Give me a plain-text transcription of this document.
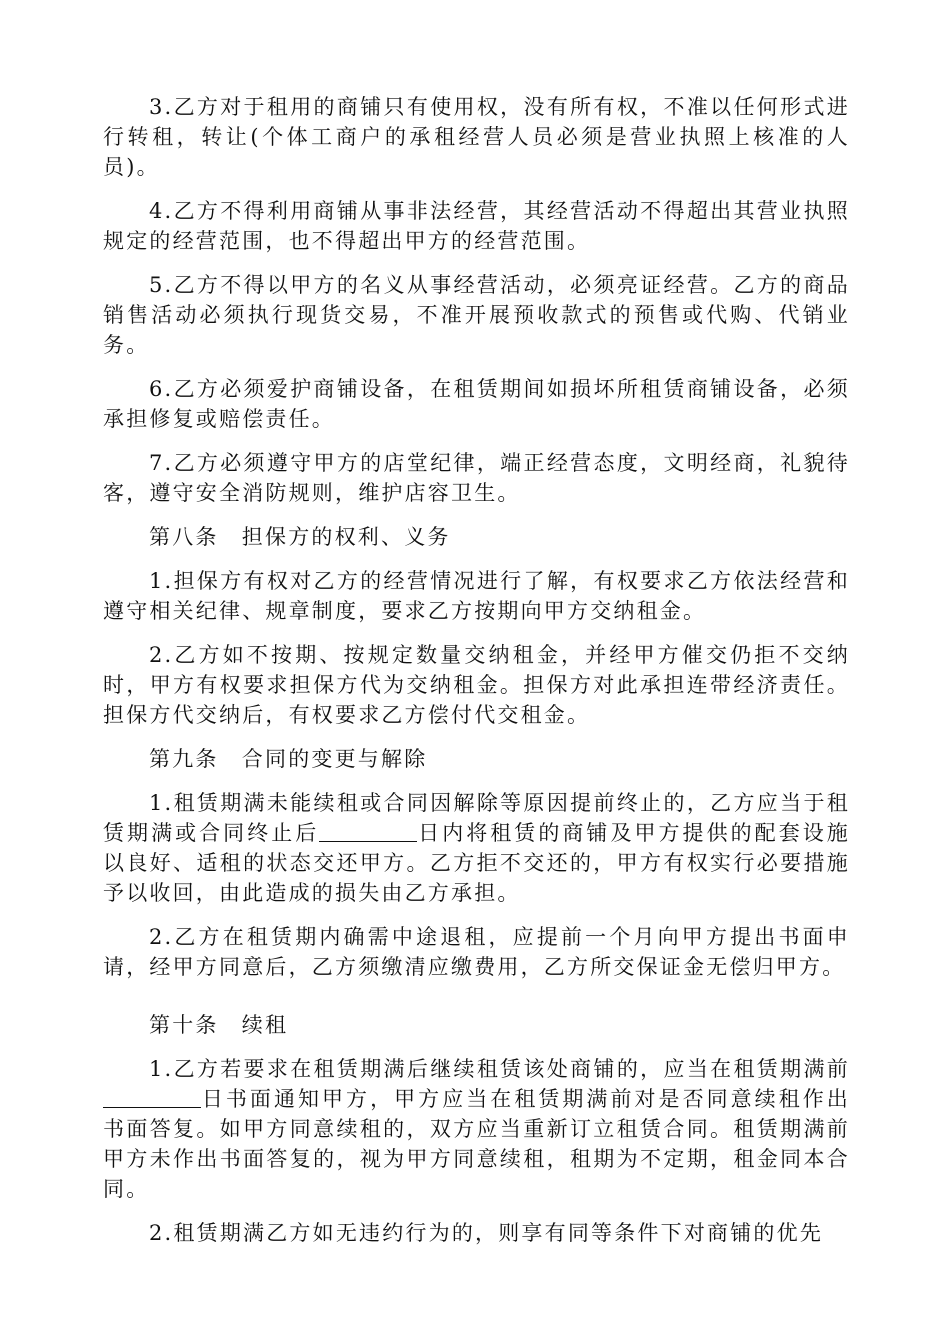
3.乙方对于租用的商铺只有使用权，没有所有权，不准以任何形式进行转租，转让(个体工商户的承租经营人员必须是营业执照上核准的人员)。

4.乙方不得利用商铺从事非法经营，其经营活动不得超出其营业执照规定的经营范围，也不得超出甲方的经营范围。

5.乙方不得以甲方的名义从事经营活动，必须亮证经营。乙方的商品销售活动必须执行现货交易，不准开展预收款式的预售或代购、代销业务。

6.乙方必须爱护商铺设备，在租赁期间如损坏所租赁商铺设备，必须承担修复或赔偿责任。

7.乙方必须遵守甲方的店堂纪律，端正经营态度，文明经商，礼貌待客，遵守安全消防规则，维护店容卫生。

第八条　担保方的权利、义务

1.担保方有权对乙方的经营情况进行了解，有权要求乙方依法经营和遵守相关纪律、规章制度，要求乙方按期向甲方交纳租金。

2.乙方如不按期、按规定数量交纳租金，并经甲方催交仍拒不交纳时，甲方有权要求担保方代为交纳租金。担保方对此承担连带经济责任。担保方代交纳后，有权要求乙方偿付代交租金。

第九条　合同的变更与解除

1.租赁期满未能续租或合同因解除等原因提前终止的，乙方应当于租赁期满或合同终止后	日内将租赁的商铺及甲方提供的配套设施以良好、适租的状态交还甲方。乙方拒不交还的，甲方有权实行必要措施予以收回，由此造成的损失由乙方承担。

2.乙方在租赁期内确需中途退租，应提前一个月向甲方提出书面申请，经甲方同意后，乙方须缴清应缴费用，乙方所交保证金无偿归甲方。

第十条　续租

1.乙方若要求在租赁期满后继续租赁该处商铺的，应当在租赁期满前日书面通知甲方，甲方应当在租赁期满前对是否同意续租作出书面答复。如甲方同意续租的，双方应当重新订立租赁合同。租赁期满前甲方未作出书面答复的，视为甲方同意续租，租期为不定期，租金同本合同。

2.租赁期满乙方如无违约行为的，则享有同等条件下对商铺的优先
